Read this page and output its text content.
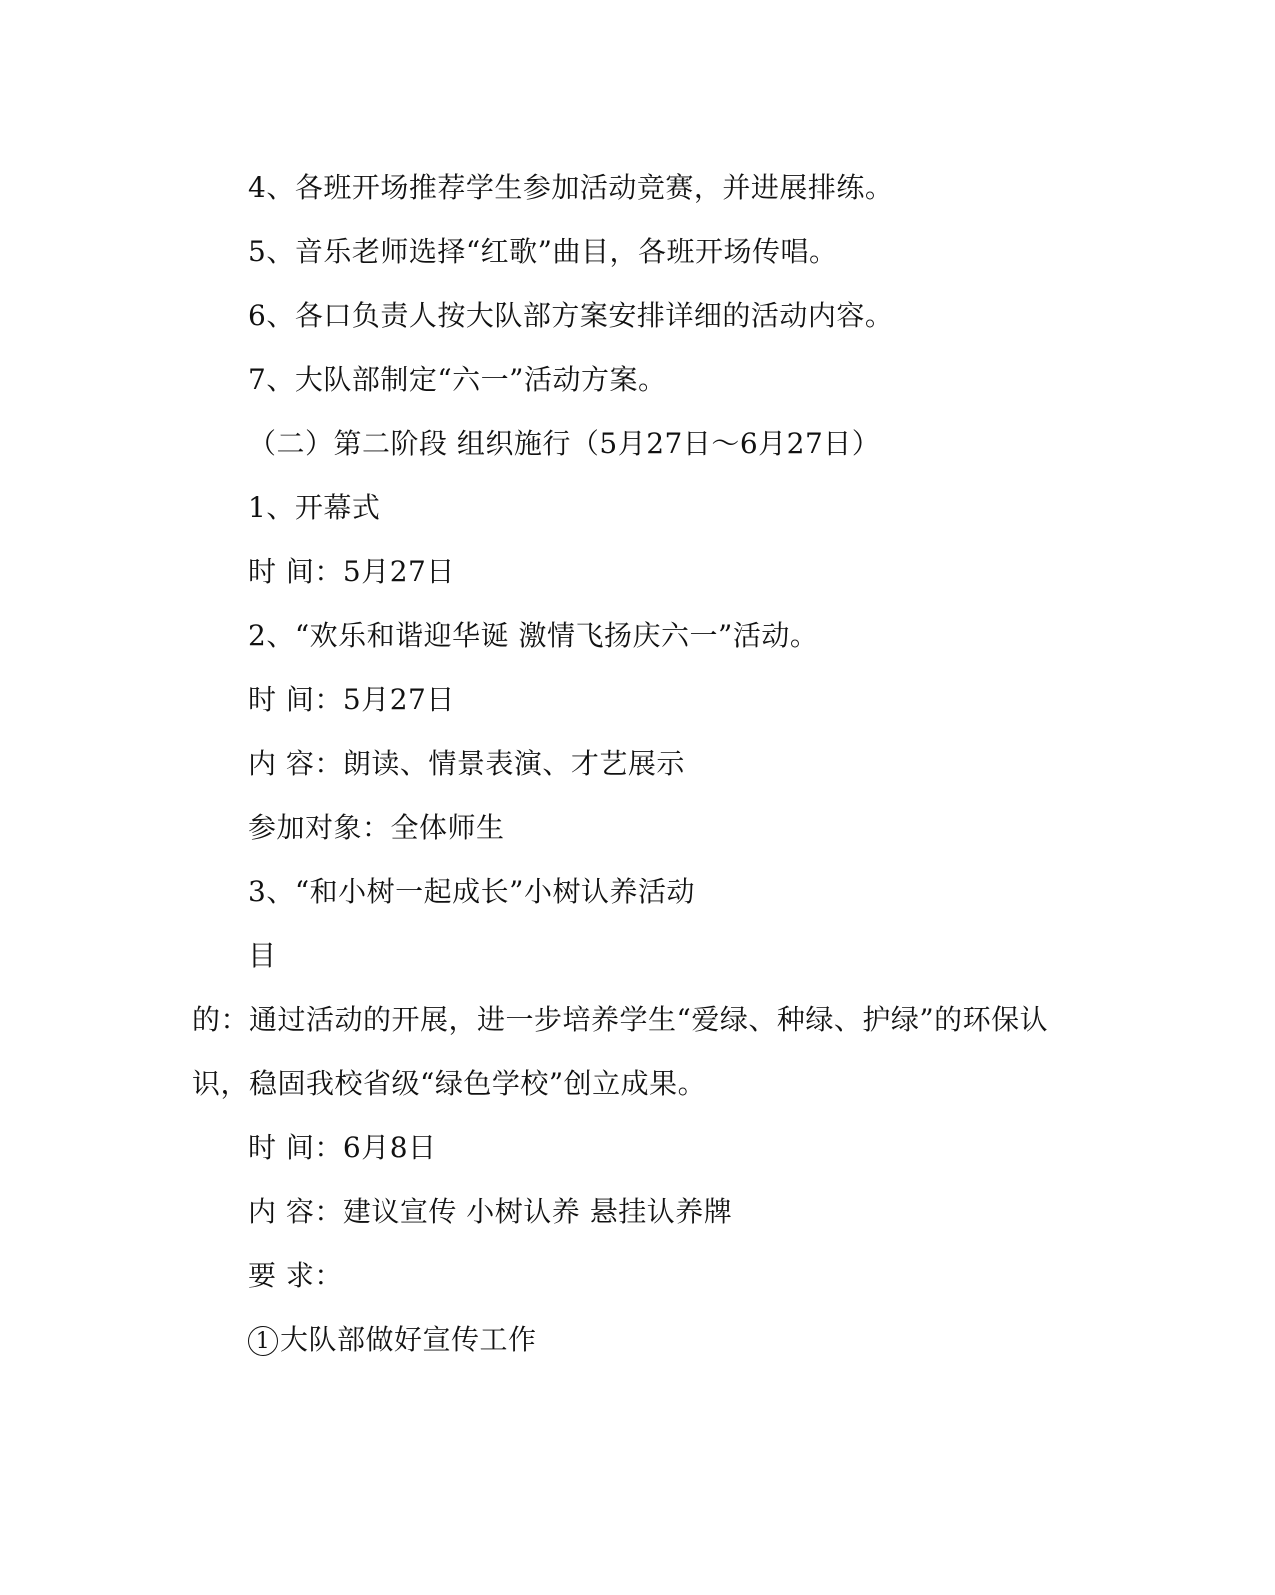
4、各班开场推荐学生参加活动竞赛，并进展排练。
5、音乐老师选择“红歌”曲目，各班开场传唱。
6、各口负责人按大队部方案安排详细的活动内容。
7、大队部制定“六一”活动方案。
（二）第二阶段 组织施行（5月27日～6月27日）
1、开幕式
时 间：5月27日
2、“欢乐和谐迎华诞 激情飞扬庆六一”活动。
时 间：5月27日
内 容：朗读、情景表演、才艺展示
参加对象：全体师生
3、“和小树一起成长”小树认养活动
目
的：通过活动的开展，进一步培养学生“爱绿、种绿、护绿”的环保认
识，稳固我校省级“绿色学校”创立成果。
时 间：6月8日
内 容：建议宣传 小树认养 悬挂认养牌
要 求：
1 大队部做好宣传工作
